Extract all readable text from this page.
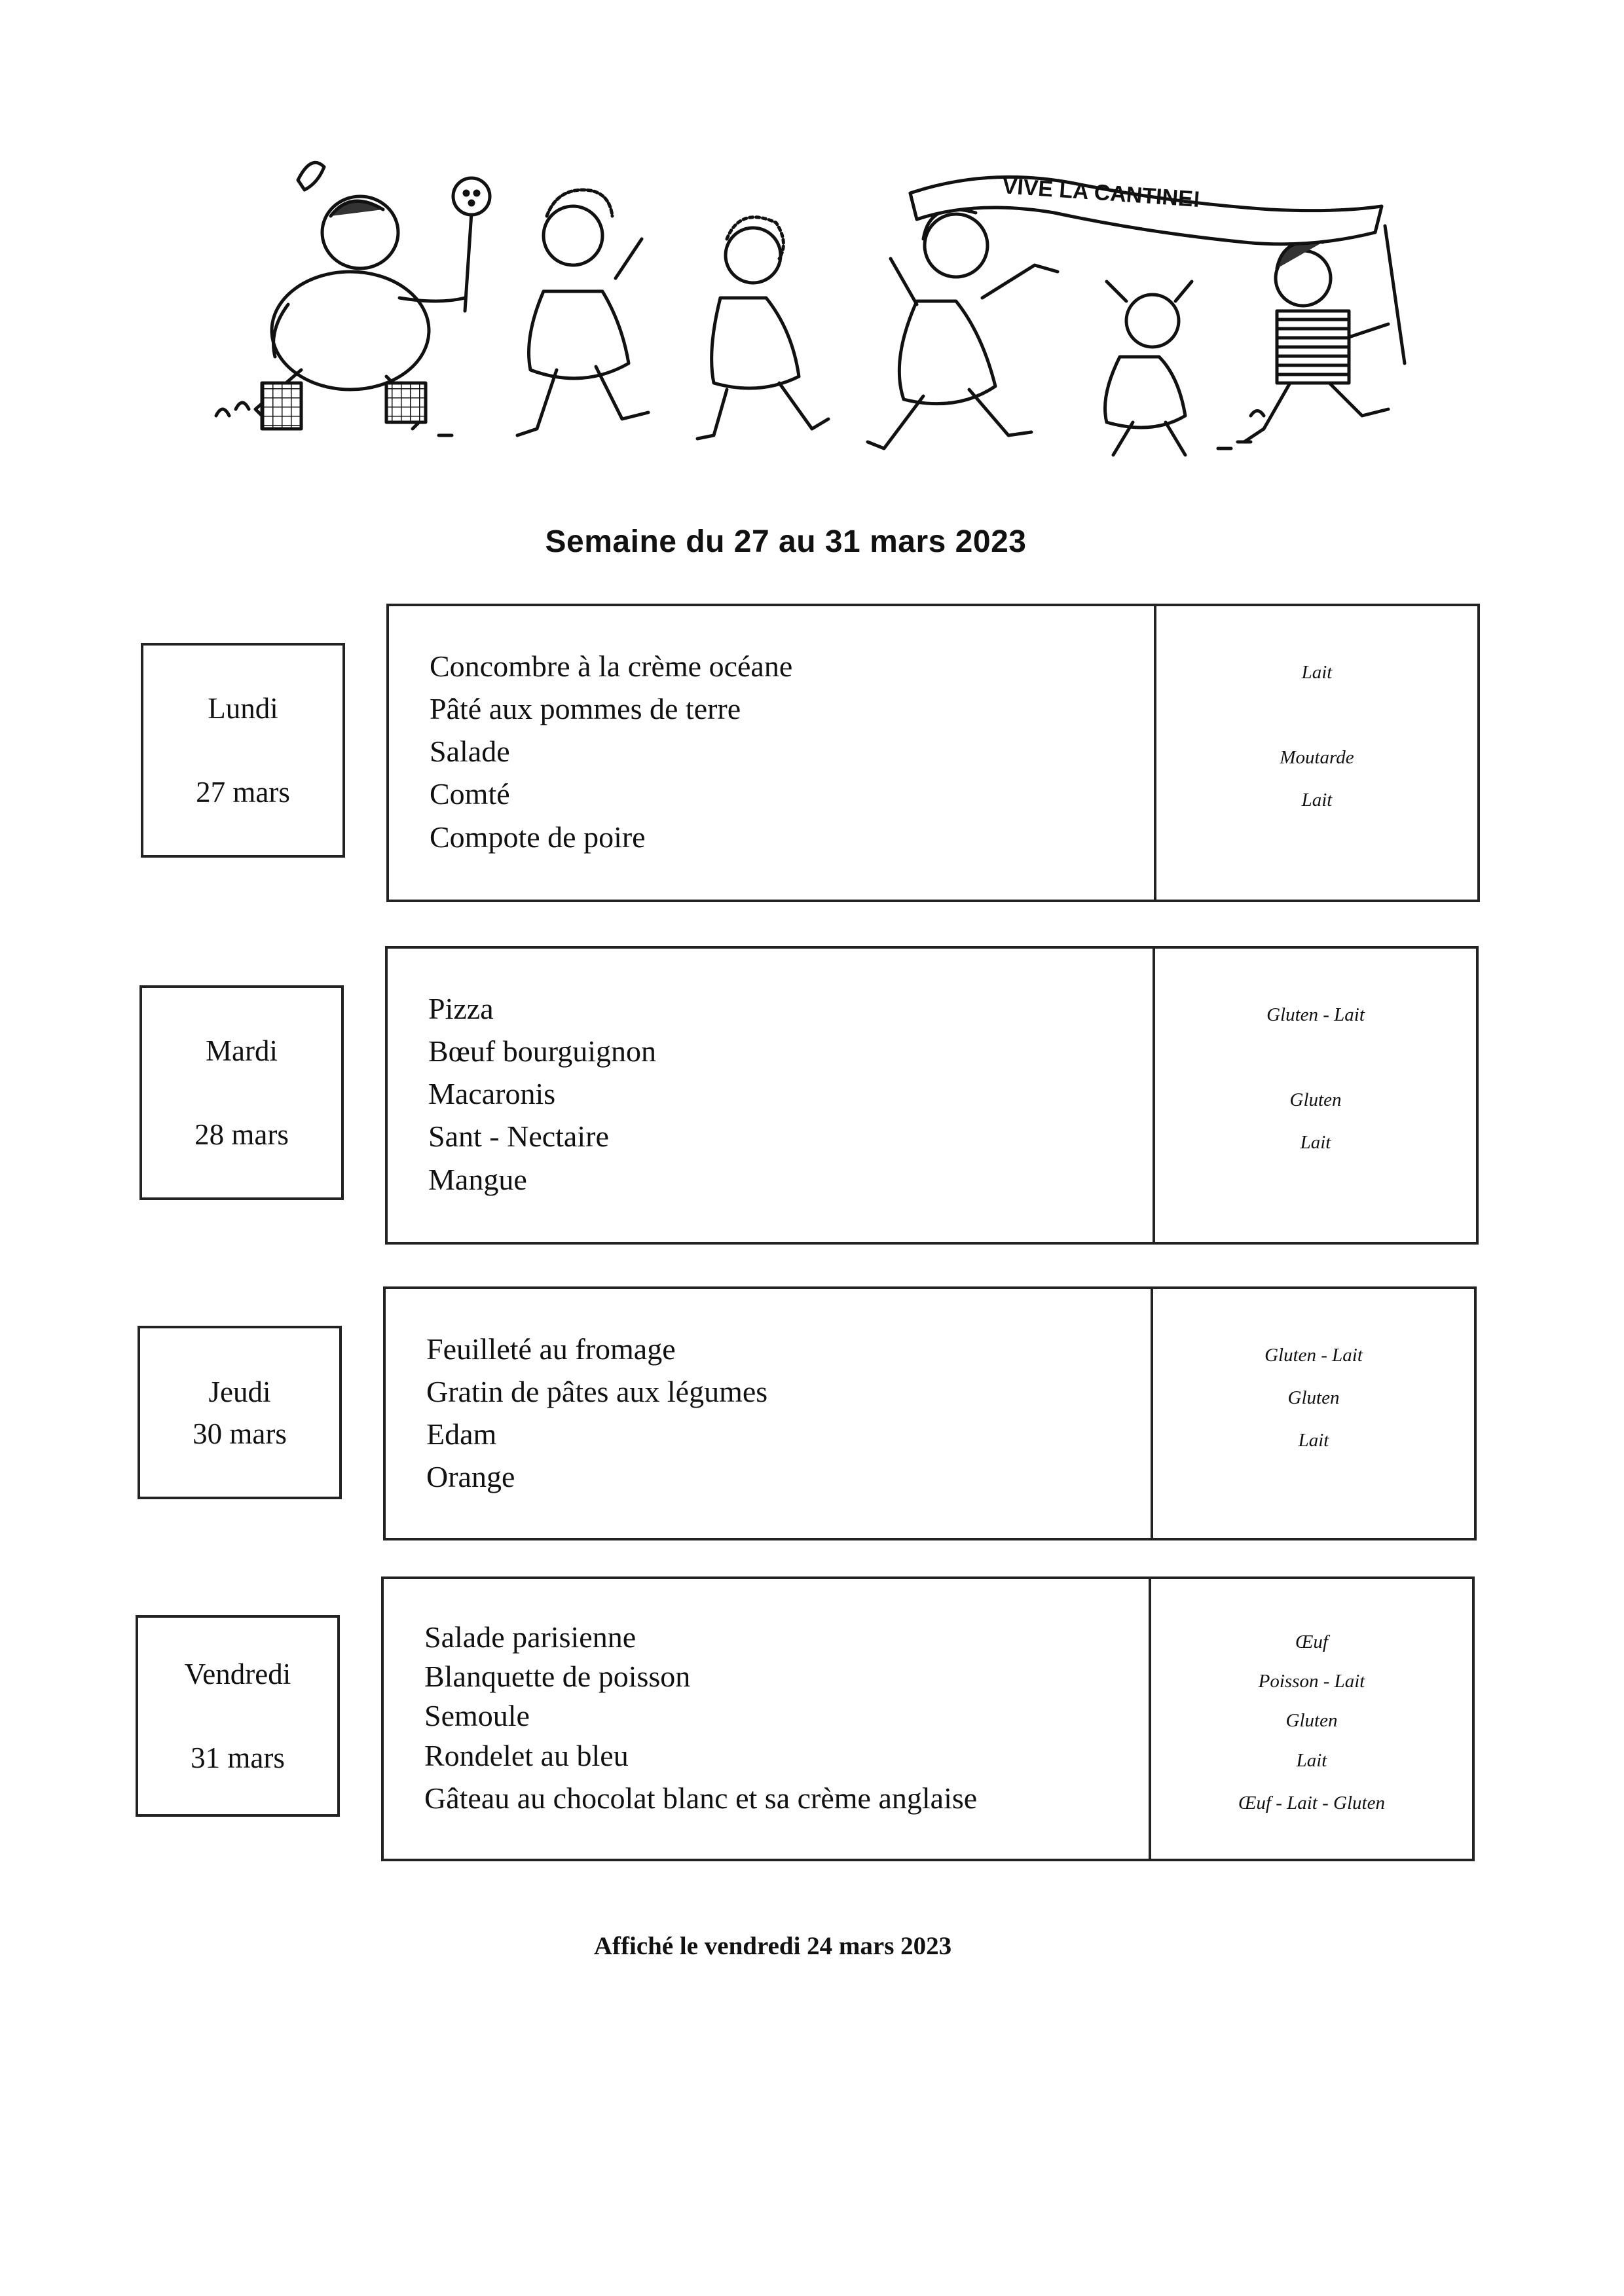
VIVE LA CANTINE!
Semaine du 27 au 31 mars 2023
Lundi
27 mars
Concombre à la crème océane
Pâté aux pommes de terre
Salade
Comté
Compote de poire
Lait
Moutarde
Lait
Mardi
28 mars
Pizza
Bœuf bourguignon
Macaronis
Sant - Nectaire
Mangue
Gluten - Lait
Gluten
Lait
Jeudi
30 mars
Feuilleté au fromage
Gratin de pâtes aux légumes
Edam
Orange
Gluten - Lait
Gluten
Lait
Vendredi
31 mars
Salade parisienne
Blanquette de poisson
Semoule
Rondelet au bleu
Gâteau au chocolat blanc et sa crème anglaise
Œuf
Poisson - Lait
Gluten
Lait
Œuf - Lait - Gluten
Affiché le vendredi 24 mars 2023
